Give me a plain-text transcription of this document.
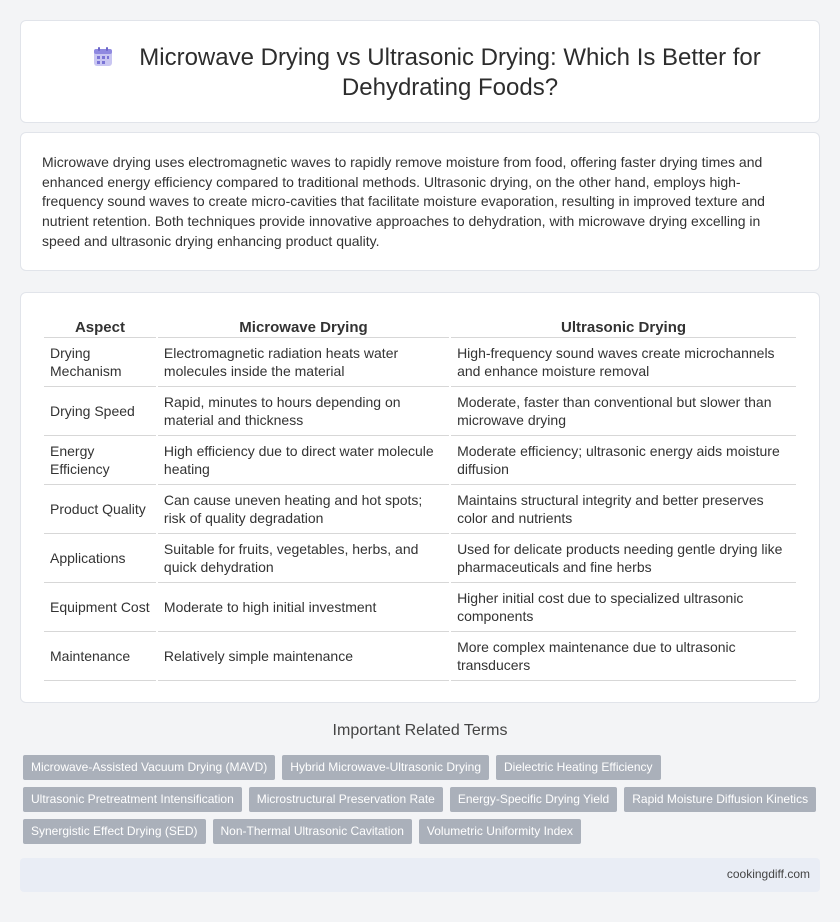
Microwave Drying vs Ultrasonic Drying: Which Is Better for Dehydrating Foods?

Microwave drying uses electromagnetic waves to rapidly remove moisture from food, offering faster drying times and enhanced energy efficiency compared to traditional methods. Ultrasonic drying, on the other hand, employs high-frequency sound waves to create micro-cavities that facilitate moisture evaporation, resulting in improved texture and nutrient retention. Both techniques provide innovative approaches to dehydration, with microwave drying excelling in speed and ultrasonic drying enhancing product quality.

Aspect	Microwave Drying	Ultrasonic Drying
Drying Mechanism	Electromagnetic radiation heats water molecules inside the material	High-frequency sound waves create microchannels and enhance moisture removal
Drying Speed	Rapid, minutes to hours depending on material and thickness	Moderate, faster than conventional but slower than microwave drying
Energy Efficiency	High efficiency due to direct water molecule heating	Moderate efficiency; ultrasonic energy aids moisture diffusion
Product Quality	Can cause uneven heating and hot spots; risk of quality degradation	Maintains structural integrity and better preserves color and nutrients
Applications	Suitable for fruits, vegetables, herbs, and quick dehydration	Used for delicate products needing gentle drying like pharmaceuticals and fine herbs
Equipment Cost	Moderate to high initial investment	Higher initial cost due to specialized ultrasonic components
Maintenance	Relatively simple maintenance	More complex maintenance due to ultrasonic transducers
Important Related Terms
Microwave-Assisted Vacuum Drying (MAVD)	Hybrid Microwave-Ultrasonic Drying	Dielectric Heating Efficiency
Ultrasonic Pretreatment Intensification	Microstructural Preservation Rate	Energy-Specific Drying Yield	Rapid Moisture Diffusion Kinetics
Synergistic Effect Drying (SED)	Non-Thermal Ultrasonic Cavitation	Volumetric Uniformity Index
cookingdiff.com
